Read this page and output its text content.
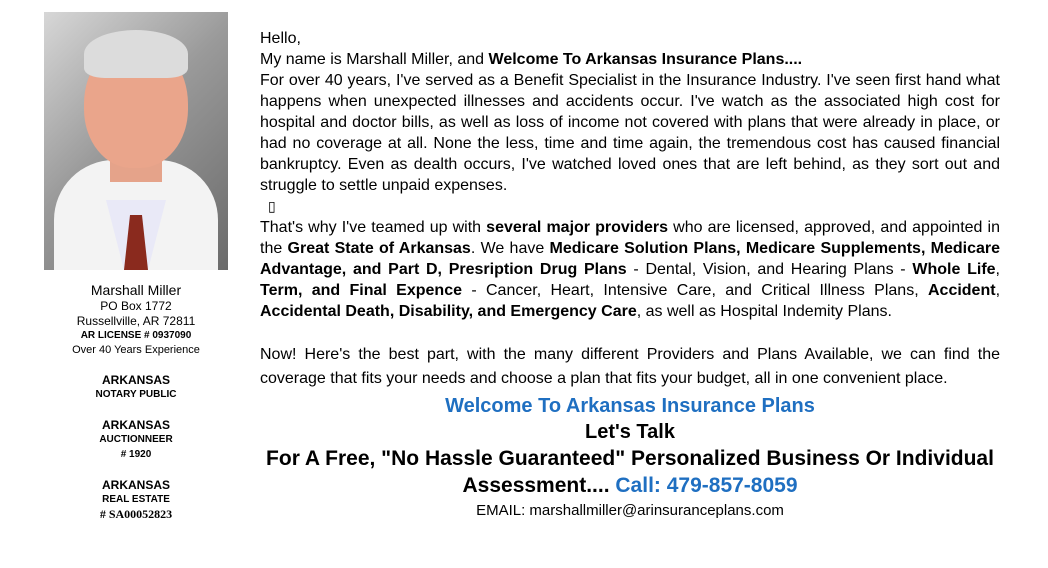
Marshall Miller
PO Box 1772
Russellville, AR 72811
AR LICENSE # 0937090
Over 40 Years Experience
ARKANSAS
NOTARY PUBLIC
ARKANSAS
AUCTIONNEER
# 1920
ARKANSAS
REAL ESTATE
# SA00052823

Hello,

My name is Marshall Miller, and Welcome To Arkansas Insurance Plans....

For over 40 years, I've served as a Benefit Specialist in the Insurance Industry. I've seen first hand what happens when unexpected illnesses and accidents occur. I've watch as the associated high cost for hospital and doctor bills, as well as loss of income not covered with plans that were already in place, or had no coverage at all. None the less, time and time again, the tremendous cost has caused financial bankruptcy. Even as dealth occurs, I've watched loved ones that are left behind, as they sort out and struggle to settle unpaid expenses.

▯

That's why I've teamed up with several major providers who are licensed, approved, and appointed in the Great State of Arkansas. We have Medicare Solution Plans, Medicare Supplements, Medicare Advantage, and Part D, Presription Drug Plans - Dental, Vision, and Hearing Plans - Whole Life, Term, and Final Expence - Cancer, Heart, Intensive Care, and Critical Illness Plans, Accident, Accidental Death, Disability, and Emergency Care, as well as Hospital Indemity Plans.

Now! Here's the best part, with the many different Providers and Plans Available, we can find the coverage that fits your needs and choose a plan that fits your budget, all in one convenient place.

Welcome To Arkansas Insurance Plans
Let's Talk
For A Free, "No Hassle Guaranteed" Personalized Business Or Individual Assessment.... Call: 479-857-8059
EMAIL: marshallmiller@arinsuranceplans.com
